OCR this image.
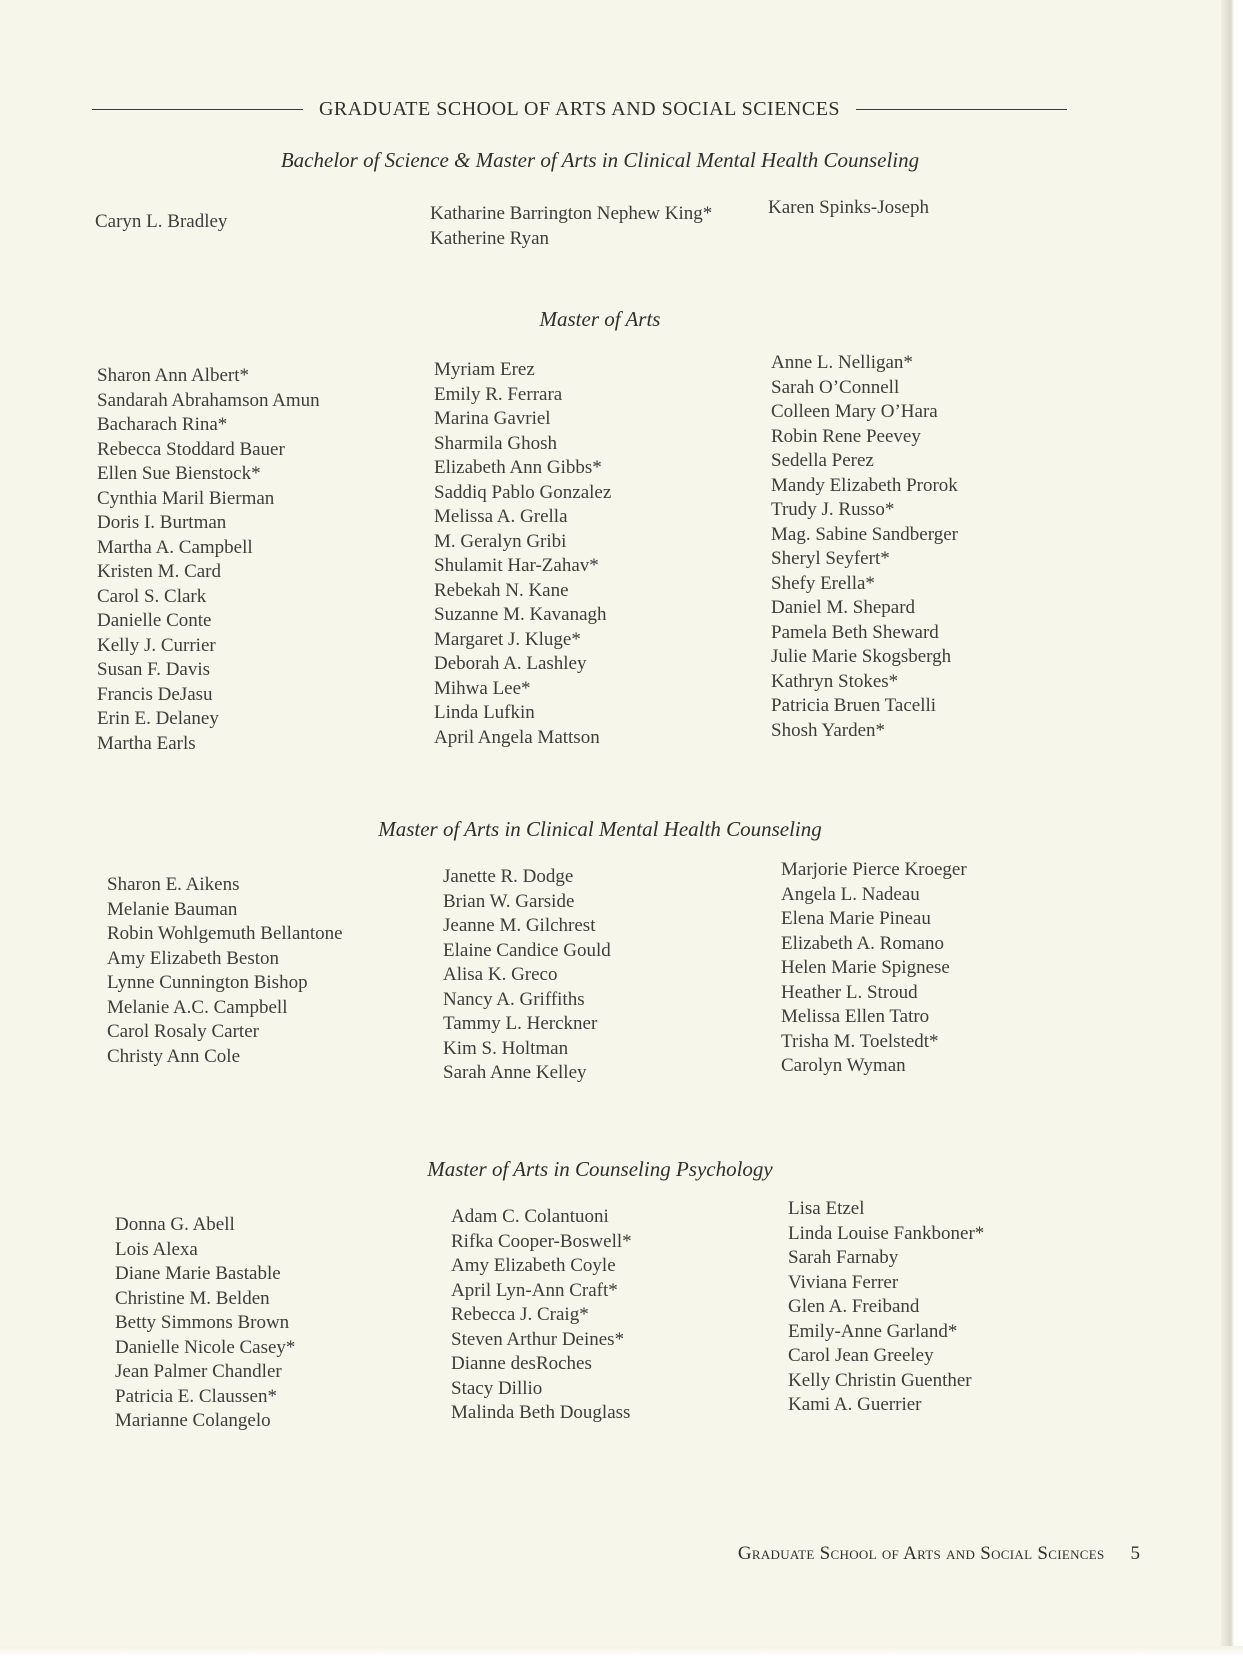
GRADUATE SCHOOL OF ARTS AND SOCIAL SCIENCES
Bachelor of Science & Master of Arts in Clinical Mental Health Counseling
Caryn L. Bradley	Katharine Barrington Nephew King*
Katherine Ryan
Karen Spinks-Joseph
Master of Arts
Sharon Ann Albert*
Sandarah Abrahamson Amun
Bacharach Rina*
Rebecca Stoddard Bauer
Ellen Sue Bienstock*
Cynthia Maril Bierman
Doris I. Burtman
Martha A. Campbell
Kristen M. Card
Carol S. Clark
Danielle Conte
Kelly J. Currier
Susan F. Davis
Francis DeJasu
Erin E. Delaney
Martha Earls
Myriam Erez
Emily R. Ferrara
Marina Gavriel
Sharmila Ghosh
Elizabeth Ann Gibbs*
Saddiq Pablo Gonzalez
Melissa A. Grella
M. Geralyn Gribi
Shulamit Har-Zahav*
Rebekah N. Kane
Suzanne M. Kavanagh
Margaret J. Kluge*
Deborah A. Lashley
Mihwa Lee*
Linda Lufkin
April Angela Mattson
Anne L. Nelligan*
Sarah O’Connell
Colleen Mary O’Hara
Robin Rene Peevey
Sedella Perez
Mandy Elizabeth Prorok
Trudy J. Russo*
Mag. Sabine Sandberger
Sheryl Seyfert*
Shefy Erella*
Daniel M. Shepard
Pamela Beth Sheward
Julie Marie Skogsbergh
Kathryn Stokes*
Patricia Bruen Tacelli
Shosh Yarden*
Master of Arts in Clinical Mental Health Counseling
Sharon E. Aikens
Melanie Bauman
Robin Wohlgemuth Bellantone
Amy Elizabeth Beston
Lynne Cunnington Bishop
Melanie A.C. Campbell
Carol Rosaly Carter
Christy Ann Cole
Janette R. Dodge
Brian W. Garside
Jeanne M. Gilchrest
Elaine Candice Gould
Alisa K. Greco
Nancy A. Griffiths
Tammy L. Herckner
Kim S. Holtman
Sarah Anne Kelley
Marjorie Pierce Kroeger
Angela L. Nadeau
Elena Marie Pineau
Elizabeth A. Romano
Helen Marie Spignese
Heather L. Stroud
Melissa Ellen Tatro
Trisha M. Toelstedt*
Carolyn Wyman
Master of Arts in Counseling Psychology
Donna G. Abell
Lois Alexa
Diane Marie Bastable
Christine M. Belden
Betty Simmons Brown
Danielle Nicole Casey*
Jean Palmer Chandler
Patricia E. Claussen*
Marianne Colangelo
Adam C. Colantuoni
Rifka Cooper-Boswell*
Amy Elizabeth Coyle
April Lyn-Ann Craft*
Rebecca J. Craig*
Steven Arthur Deines*
Dianne desRoches
Stacy Dillio
Malinda Beth Douglass
Lisa Etzel
Linda Louise Fankboner*
Sarah Farnaby
Viviana Ferrer
Glen A. Freiband
Emily-Anne Garland*
Carol Jean Greeley
Kelly Christin Guenther
Kami A. Guerrier
Graduate School of Arts and Social Sciences 5
